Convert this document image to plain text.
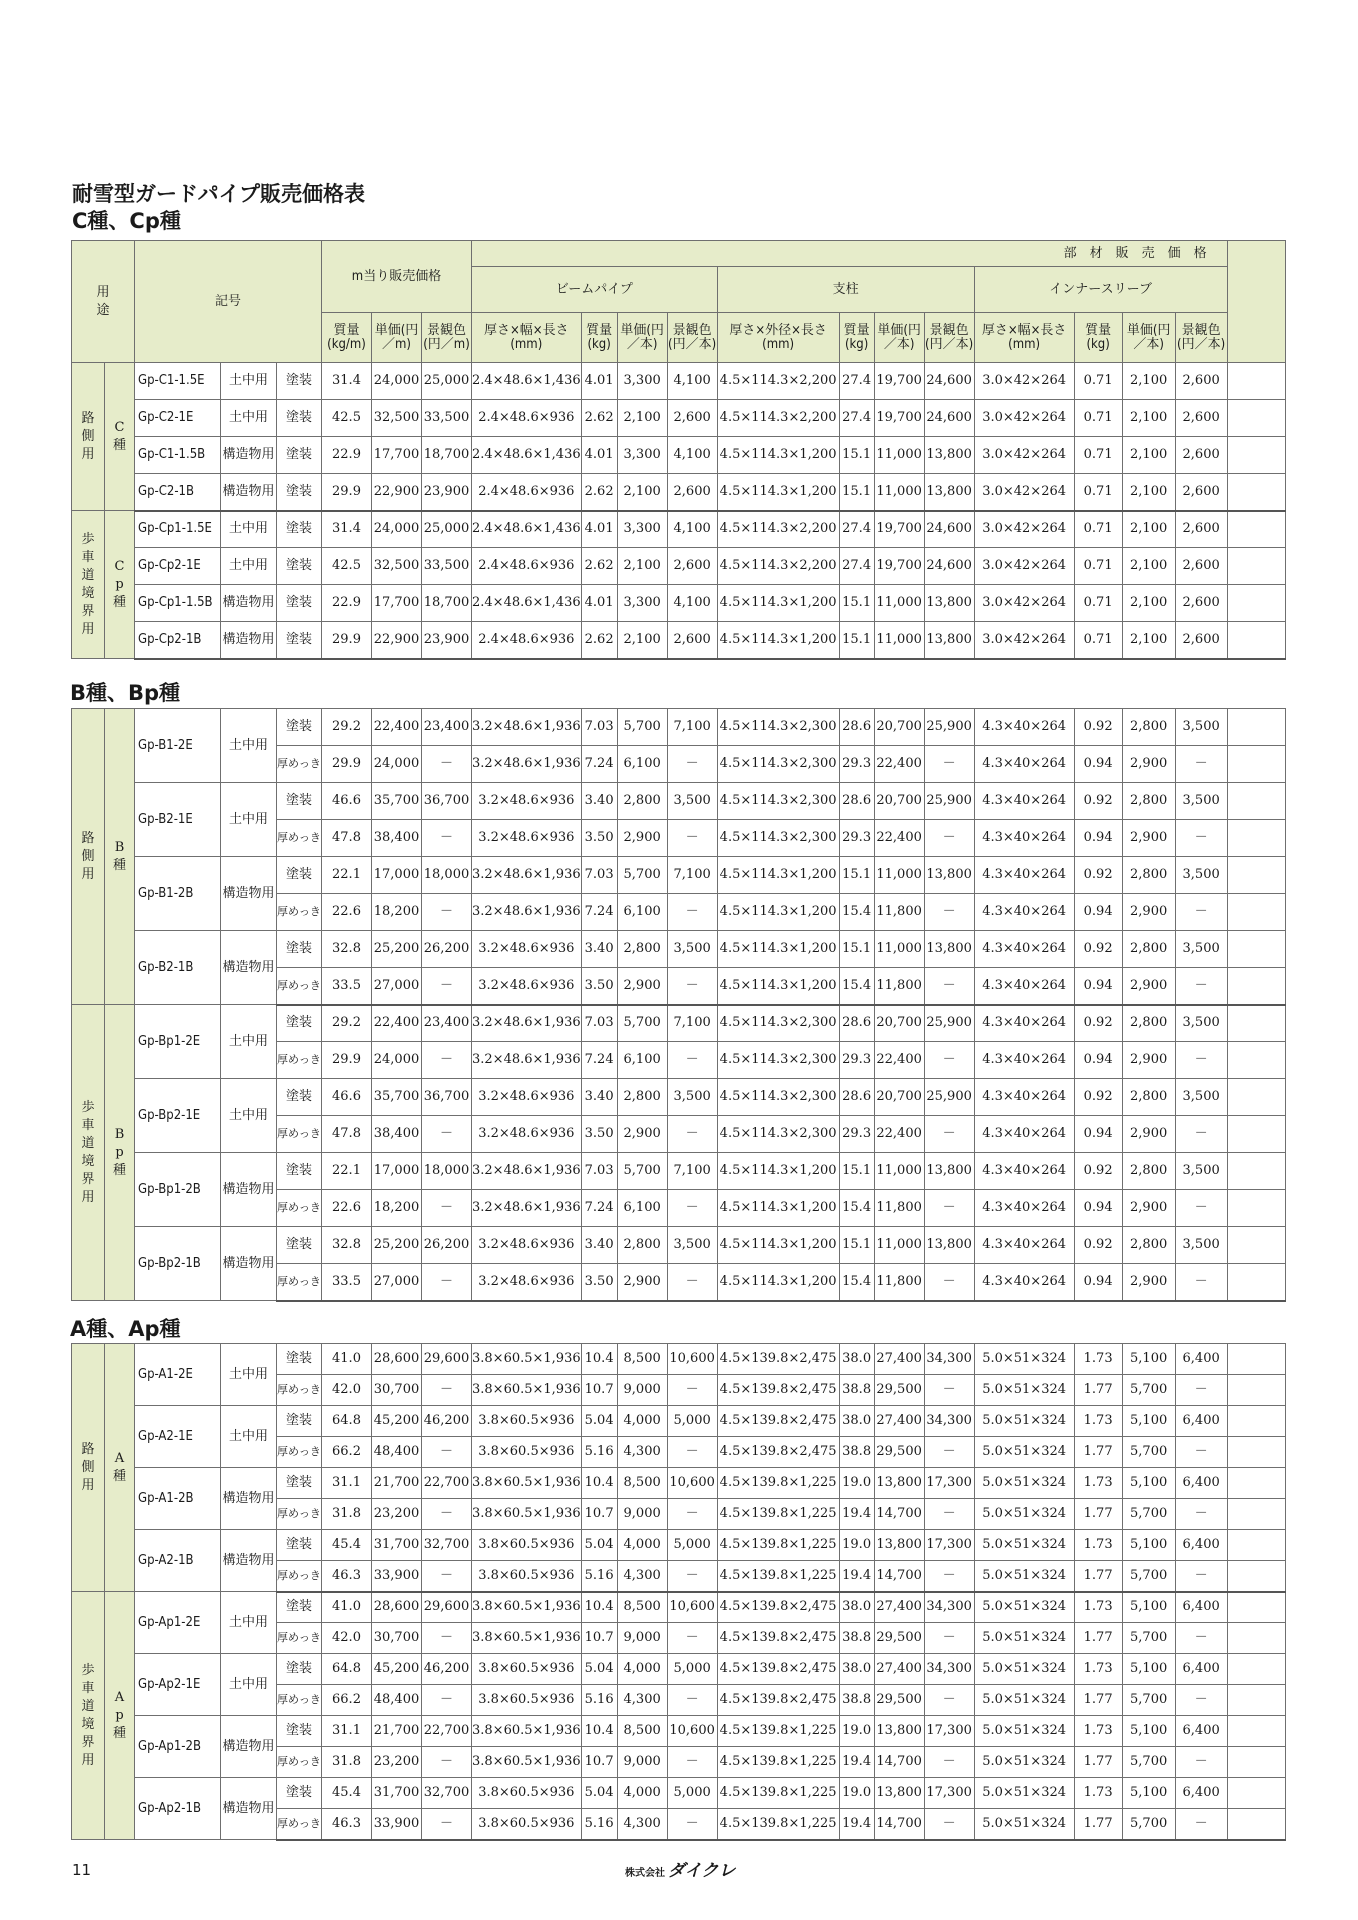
耐雪型ガードパイプ販売価格表
C種、Cp種
用　途		記号			m当り販売価格			部　材　販　売　価　格												
								ビームパイプ				支柱				インナースリーブ				
					質量(kg/m)	単価(円／m)	景観色(円／m)	厚さ×幅×長さ(mm)	質量(kg)	単価(円／本)	景観色(円／本)	厚さ×外径×長さ(mm)	質量(kg)	単価(円／本)	景観色(円／本)	厚さ×幅×長さ(mm)	質量(kg)	単価(円／本)	景観色(円／本)	
路側用	C種	Gp-C1-1.5E	土中用	塗装	31.4	24,000	25,000	2.4×48.6×1,436	4.01	3,300	4,100	4.5×114.3×2,200	27.4	19,700	24,600	3.0×42×264	0.71	2,100	2,600	
		Gp-C2-1E	土中用	塗装	42.5	32,500	33,500	2.4×48.6×936	2.62	2,100	2,600	4.5×114.3×2,200	27.4	19,700	24,600	3.0×42×264	0.71	2,100	2,600	
		Gp-C1-1.5B	構造物用	塗装	22.9	17,700	18,700	2.4×48.6×1,436	4.01	3,300	4,100	4.5×114.3×1,200	15.1	11,000	13,800	3.0×42×264	0.71	2,100	2,600	
		Gp-C2-1B	構造物用	塗装	29.9	22,900	23,900	2.4×48.6×936	2.62	2,100	2,600	4.5×114.3×1,200	15.1	11,000	13,800	3.0×42×264	0.71	2,100	2,600	
歩車道境界用	Cp種	Gp-Cp1-1.5E	土中用	塗装	31.4	24,000	25,000	2.4×48.6×1,436	4.01	3,300	4,100	4.5×114.3×2,200	27.4	19,700	24,600	3.0×42×264	0.71	2,100	2,600	
		Gp-Cp2-1E	土中用	塗装	42.5	32,500	33,500	2.4×48.6×936	2.62	2,100	2,600	4.5×114.3×2,200	27.4	19,700	24,600	3.0×42×264	0.71	2,100	2,600	
		Gp-Cp1-1.5B	構造物用	塗装	22.9	17,700	18,700	2.4×48.6×1,436	4.01	3,300	4,100	4.5×114.3×1,200	15.1	11,000	13,800	3.0×42×264	0.71	2,100	2,600	
		Gp-Cp2-1B	構造物用	塗装	29.9	22,900	23,900	2.4×48.6×936	2.62	2,100	2,600	4.5×114.3×1,200	15.1	11,000	13,800	3.0×42×264	0.71	2,100	2,600	
B種、Bp種
路側用	B種	Gp-B1-2E	土中用	塗装	29.2	22,400	23,400	3.2×48.6×1,936	7.03	5,700	7,100	4.5×114.3×2,300	28.6	20,700	25,900	4.3×40×264	0.92	2,800	3,500	
				厚めっき	29.9	24,000	－	3.2×48.6×1,936	7.24	6,100	－	4.5×114.3×2,300	29.3	22,400	－	4.3×40×264	0.94	2,900	－	
		Gp-B2-1E	土中用	塗装	46.6	35,700	36,700	3.2×48.6×936	3.40	2,800	3,500	4.5×114.3×2,300	28.6	20,700	25,900	4.3×40×264	0.92	2,800	3,500	
				厚めっき	47.8	38,400	－	3.2×48.6×936	3.50	2,900	－	4.5×114.3×2,300	29.3	22,400	－	4.3×40×264	0.94	2,900	－	
		Gp-B1-2B	構造物用	塗装	22.1	17,000	18,000	3.2×48.6×1,936	7.03	5,700	7,100	4.5×114.3×1,200	15.1	11,000	13,800	4.3×40×264	0.92	2,800	3,500	
				厚めっき	22.6	18,200	－	3.2×48.6×1,936	7.24	6,100	－	4.5×114.3×1,200	15.4	11,800	－	4.3×40×264	0.94	2,900	－	
		Gp-B2-1B	構造物用	塗装	32.8	25,200	26,200	3.2×48.6×936	3.40	2,800	3,500	4.5×114.3×1,200	15.1	11,000	13,800	4.3×40×264	0.92	2,800	3,500	
				厚めっき	33.5	27,000	－	3.2×48.6×936	3.50	2,900	－	4.5×114.3×1,200	15.4	11,800	－	4.3×40×264	0.94	2,900	－	
歩車道境界用	Bp種	Gp-Bp1-2E	土中用	塗装	29.2	22,400	23,400	3.2×48.6×1,936	7.03	5,700	7,100	4.5×114.3×2,300	28.6	20,700	25,900	4.3×40×264	0.92	2,800	3,500	
				厚めっき	29.9	24,000	－	3.2×48.6×1,936	7.24	6,100	－	4.5×114.3×2,300	29.3	22,400	－	4.3×40×264	0.94	2,900	－	
		Gp-Bp2-1E	土中用	塗装	46.6	35,700	36,700	3.2×48.6×936	3.40	2,800	3,500	4.5×114.3×2,300	28.6	20,700	25,900	4.3×40×264	0.92	2,800	3,500	
				厚めっき	47.8	38,400	－	3.2×48.6×936	3.50	2,900	－	4.5×114.3×2,300	29.3	22,400	－	4.3×40×264	0.94	2,900	－	
		Gp-Bp1-2B	構造物用	塗装	22.1	17,000	18,000	3.2×48.6×1,936	7.03	5,700	7,100	4.5×114.3×1,200	15.1	11,000	13,800	4.3×40×264	0.92	2,800	3,500	
				厚めっき	22.6	18,200	－	3.2×48.6×1,936	7.24	6,100	－	4.5×114.3×1,200	15.4	11,800	－	4.3×40×264	0.94	2,900	－	
		Gp-Bp2-1B	構造物用	塗装	32.8	25,200	26,200	3.2×48.6×936	3.40	2,800	3,500	4.5×114.3×1,200	15.1	11,000	13,800	4.3×40×264	0.92	2,800	3,500	
				厚めっき	33.5	27,000	－	3.2×48.6×936	3.50	2,900	－	4.5×114.3×1,200	15.4	11,800	－	4.3×40×264	0.94	2,900	－	
A種、Ap種
路側用	A種	Gp-A1-2E	土中用	塗装	41.0	28,600	29,600	3.8×60.5×1,936	10.4	8,500	10,600	4.5×139.8×2,475	38.0	27,400	34,300	5.0×51×324	1.73	5,100	6,400	
				厚めっき	42.0	30,700	－	3.8×60.5×1,936	10.7	9,000	－	4.5×139.8×2,475	38.8	29,500	－	5.0×51×324	1.77	5,700	－	
		Gp-A2-1E	土中用	塗装	64.8	45,200	46,200	3.8×60.5×936	5.04	4,000	5,000	4.5×139.8×2,475	38.0	27,400	34,300	5.0×51×324	1.73	5,100	6,400	
				厚めっき	66.2	48,400	－	3.8×60.5×936	5.16	4,300	－	4.5×139.8×2,475	38.8	29,500	－	5.0×51×324	1.77	5,700	－	
		Gp-A1-2B	構造物用	塗装	31.1	21,700	22,700	3.8×60.5×1,936	10.4	8,500	10,600	4.5×139.8×1,225	19.0	13,800	17,300	5.0×51×324	1.73	5,100	6,400	
				厚めっき	31.8	23,200	－	3.8×60.5×1,936	10.7	9,000	－	4.5×139.8×1,225	19.4	14,700	－	5.0×51×324	1.77	5,700	－	
		Gp-A2-1B	構造物用	塗装	45.4	31,700	32,700	3.8×60.5×936	5.04	4,000	5,000	4.5×139.8×1,225	19.0	13,800	17,300	5.0×51×324	1.73	5,100	6,400	
				厚めっき	46.3	33,900	－	3.8×60.5×936	5.16	4,300	－	4.5×139.8×1,225	19.4	14,700	－	5.0×51×324	1.77	5,700	－	
歩車道境界用	Ap種	Gp-Ap1-2E	土中用	塗装	41.0	28,600	29,600	3.8×60.5×1,936	10.4	8,500	10,600	4.5×139.8×2,475	38.0	27,400	34,300	5.0×51×324	1.73	5,100	6,400	
				厚めっき	42.0	30,700	－	3.8×60.5×1,936	10.7	9,000	－	4.5×139.8×2,475	38.8	29,500	－	5.0×51×324	1.77	5,700	－	
		Gp-Ap2-1E	土中用	塗装	64.8	45,200	46,200	3.8×60.5×936	5.04	4,000	5,000	4.5×139.8×2,475	38.0	27,400	34,300	5.0×51×324	1.73	5,100	6,400	
				厚めっき	66.2	48,400	－	3.8×60.5×936	5.16	4,300	－	4.5×139.8×2,475	38.8	29,500	－	5.0×51×324	1.77	5,700	－	
		Gp-Ap1-2B	構造物用	塗装	31.1	21,700	22,700	3.8×60.5×1,936	10.4	8,500	10,600	4.5×139.8×1,225	19.0	13,800	17,300	5.0×51×324	1.73	5,100	6,400	
				厚めっき	31.8	23,200	－	3.8×60.5×1,936	10.7	9,000	－	4.5×139.8×1,225	19.4	14,700	－	5.0×51×324	1.77	5,700	－	
		Gp-Ap2-1B	構造物用	塗装	45.4	31,700	32,700	3.8×60.5×936	5.04	4,000	5,000	4.5×139.8×1,225	19.0	13,800	17,300	5.0×51×324	1.73	5,100	6,400	
				厚めっき	46.3	33,900	－	3.8×60.5×936	5.16	4,300	－	4.5×139.8×1,225	19.4	14,700	－	5.0×51×324	1.77	5,700	－	

11	株式会社 ダイクレ
